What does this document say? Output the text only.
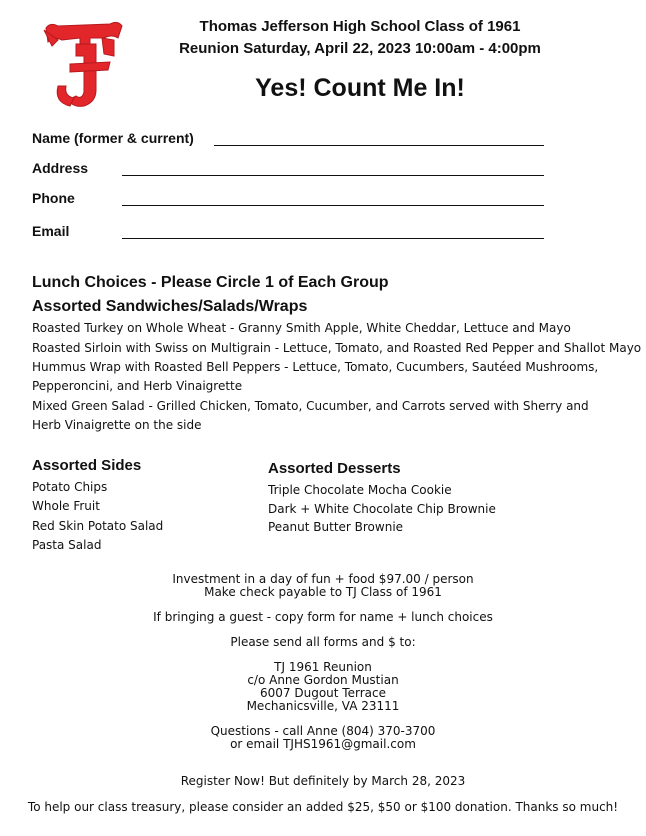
Thomas Jefferson High School Class of 1961
Reunion Saturday, April 22, 2023 10:00am - 4:00pm
Yes! Count Me In!
Name (former & current)
Address
Phone
Email
Lunch Choices - Please Circle 1 of Each Group
Assorted Sandwiches/Salads/Wraps
Roasted Turkey on Whole Wheat - Granny Smith Apple, White Cheddar, Lettuce and Mayo
Roasted Sirloin with Swiss on Multigrain - Lettuce, Tomato, and Roasted Red Pepper and Shallot Mayo
Hummus Wrap with Roasted Bell Peppers - Lettuce, Tomato, Cucumbers, Sautéed Mushrooms,
Pepperoncini, and Herb Vinaigrette
Mixed Green Salad - Grilled Chicken, Tomato, Cucumber, and Carrots served with Sherry and
Herb Vinaigrette on the side
Assorted Sides
Potato Chips
Whole Fruit
Red Skin Potato Salad
Pasta Salad
Assorted Desserts
Triple Chocolate Mocha Cookie
Dark + White Chocolate Chip Brownie
Peanut Butter Brownie
Investment in a day of fun + food $97.00 / person
Make check payable to TJ Class of 1961
If bringing a guest - copy form for name + lunch choices
Please send all forms and $ to:
TJ 1961 Reunion
c/o Anne Gordon Mustian
6007 Dugout Terrace
Mechanicsville, VA 23111
Questions - call Anne (804) 370-3700
or email TJHS1961@gmail.com
Register Now! But definitely by March 28, 2023
To help our class treasury, please consider an added $25, $50 or $100 donation. Thanks so much!
